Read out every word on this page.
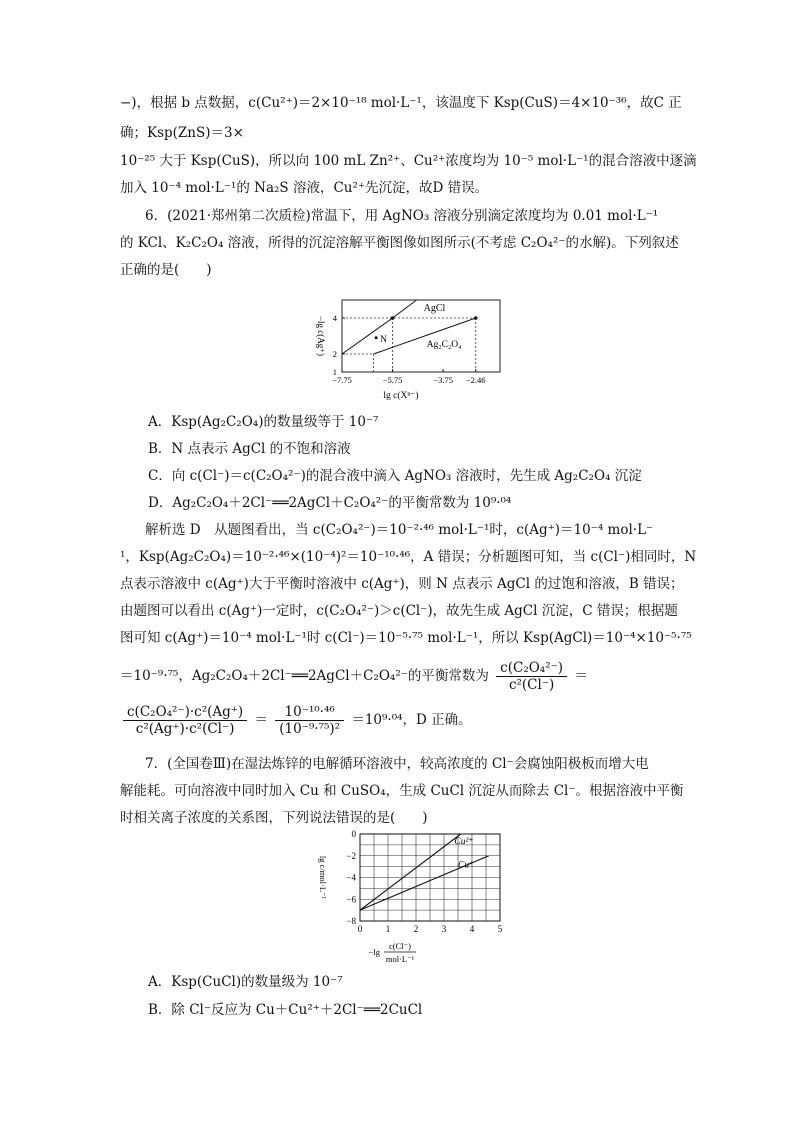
−)，根据 b 点数据，c(Cu²⁺)＝2×10⁻¹⁸ mol·L⁻¹，该温度下 Ksp(CuS)＝4×10⁻³⁶，故C 正
确；Ksp(ZnS)＝3×
10⁻²⁵ 大于 Ksp(CuS)，所以向 100 mL Zn²⁺、Cu²⁺浓度均为 10⁻⁵ mol·L⁻¹的混合溶液中逐滴
加入 10⁻⁴ mol·L⁻¹的 Na₂S 溶液，Cu²⁺先沉淀，故D 错误。
6．(2021·郑州第二次质检)常温下，用 AgNO₃ 溶液分别滴定浓度均为 0.01 mol·L⁻¹
的 KCl、K₂C₂O₄ 溶液，所得的沉淀溶解平衡图像如图所示(不考虑 C₂O₄²⁻的水解)。下列叙述
正确的是(　　)
AgCl
Ag₂C₂O₄
N
−7.75	−5.75	−3.75 −2.46
1
2
4
lg c(Xⁿ⁻)
−lg c(Ag⁺)
A．Ksp(Ag₂C₂O₄)的数量级等于 10⁻⁷
B．N 点表示 AgCl 的不饱和溶液
C．向 c(Cl⁻)＝c(C₂O₄²⁻)的混合液中滴入 AgNO₃ 溶液时，先生成 Ag₂C₂O₄ 沉淀
D．Ag₂C₂O₄＋2Cl⁻══2AgCl＋C₂O₄²⁻的平衡常数为 10⁹·⁰⁴
解析选 D　从题图看出，当 c(C₂O₄²⁻)＝10⁻²·⁴⁶ mol·L⁻¹时，c(Ag⁺)＝10⁻⁴ mol·L⁻
¹，Ksp(Ag₂C₂O₄)＝10⁻²·⁴⁶×(10⁻⁴)²＝10⁻¹⁰·⁴⁶，A 错误；分析题图可知，当 c(Cl⁻)相同时，N
点表示溶液中 c(Ag⁺)大于平衡时溶液中 c(Ag⁺)，则 N 点表示 AgCl 的过饱和溶液，B 错误；
由题图可以看出 c(Ag⁺)一定时，c(C₂O₄²⁻)＞c(Cl⁻)，故先生成 AgCl 沉淀，C 错误；根据题
图可知 c(Ag⁺)＝10⁻⁴ mol·L⁻¹时 c(Cl⁻)＝10⁻⁵·⁷⁵ mol·L⁻¹，所以 Ksp(AgCl)＝10⁻⁴×10⁻⁵·⁷⁵
＝10⁻⁹·⁷⁵，Ag₂C₂O₄＋2Cl⁻══2AgCl＋C₂O₄²⁻的平衡常数为 $\frac{\text{c(C₂O₄²⁻)}}{\text{c²(Cl⁻)}}$ ＝
$\frac{\text{c(C₂O₄²⁻)·c²(Ag⁺)}}{\text{c²(Ag⁺)·c²(Cl⁻)}} = \frac{\text{10⁻¹⁰·⁴⁶}}{\text{(10⁻⁹·⁷⁵)²}} =10^9\cdot^{04}$，D 正确。
7．(全国卷Ⅲ)在湿法炼锌的电解循环溶液中，较高浓度的 Cl⁻会腐蚀阳极板而增大电
解能耗。可向溶液中同时加入 Cu 和 CuSO₄，生成 CuCl 沉淀从而除去 Cl⁻。根据溶液中平衡
时相关离子浓度的关系图，下列说法错误的是(　　)
Cu²⁺
Cu⁺
0	1	2	3	4	5
0
−2
−4
−6
−8
lg c/mol·L⁻¹
−lg
c(Cl⁻)
mol·L⁻¹
A．Ksp(CuCl)的数量级为 10⁻⁷
B．除 Cl⁻反应为 Cu＋Cu²⁺＋2Cl⁻══2CuCl
